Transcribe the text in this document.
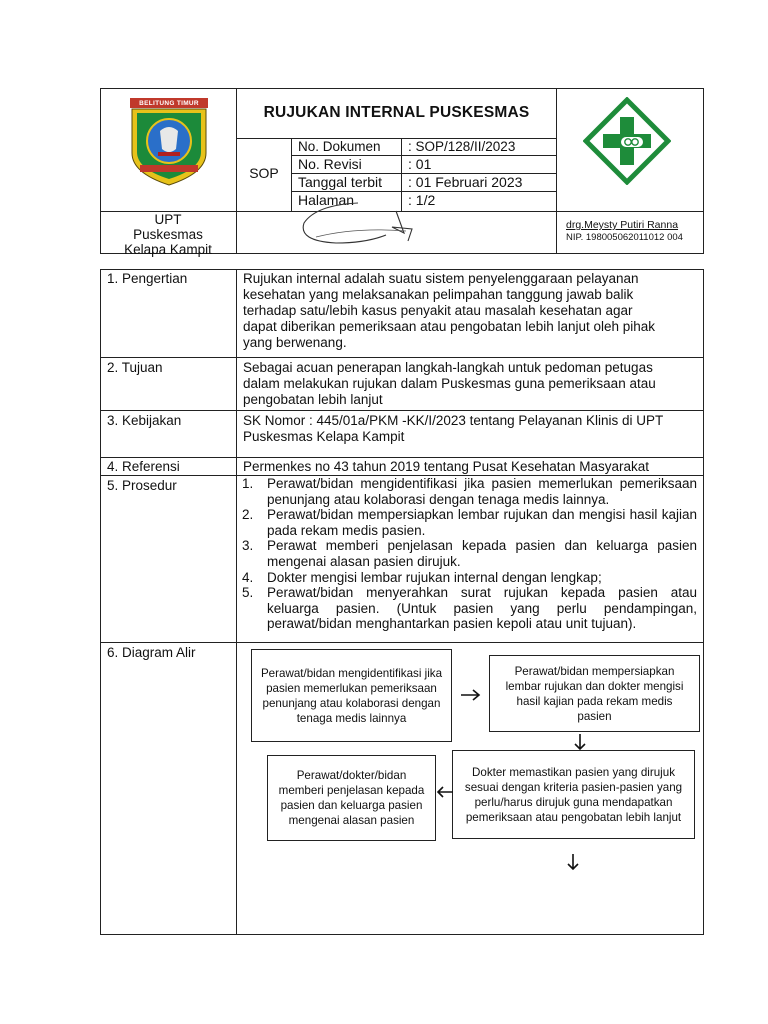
BELITUNG TIMUR
UPT
Puskesmas
Kelapa Kampit
RUJUKAN INTERNAL PUSKESMAS
SOP
No. Dokumen : SOP/128/II/2023
No. Revisi	: 01
Tanggal terbit : 01 Februari 2023
Halaman	: 1/2
drg.Meysty Putiri Ranna
NIP. 198005062011012 004
1. Pengertian	Rujukan internal adalah suatu sistem penyelenggaraan pelayanan
kesehatan yang melaksanakan pelimpahan tanggung jawab balik
terhadap satu/lebih kasus penyakit atau masalah kesehatan agar
dapat diberikan pemeriksaan atau pengobatan lebih lanjut oleh pihak
yang berwenang.
2. Tujuan	Sebagai acuan penerapan langkah-langkah untuk pedoman petugas
dalam melakukan rujukan dalam Puskesmas guna pemeriksaan atau
pengobatan lebih lanjut
3. Kebijakan	SK Nomor : 445/01a/PKM -KK/I/2023 tentang Pelayanan Klinis di UPT
Puskesmas Kelapa Kampit
4. Referensi	Permenkes no 43 tahun 2019 tentang Pusat Kesehatan Masyarakat
5. Prosedur	1. Perawat/bidan mengidentifikasi jika pasien memerlukan pemeriksaan penunjang atau kolaborasi dengan tenaga medis lainnya.
2. Perawat/bidan mempersiapkan lembar rujukan dan mengisi hasil kajian pada rekam medis pasien.
3. Perawat memberi penjelasan kepada pasien dan keluarga pasien mengenai alasan pasien dirujuk.
4. Dokter mengisi lembar rujukan internal dengan lengkap;
5. Perawat/bidan menyerahkan surat rujukan kepada pasien atau keluarga pasien. (Untuk pasien yang perlu pendampingan, perawat/bidan menghantarkan pasien kepoli atau unit tujuan).
6. Diagram Alir
Perawat/bidan mengidentifikasi jika pasien memerlukan pemeriksaan penunjang atau kolaborasi dengan tenaga medis lainnya
Perawat/bidan mempersiapkan lembar rujukan dan dokter mengisi hasil kajian pada rekam medis pasien
Dokter memastikan pasien yang dirujuk sesuai dengan kriteria pasien-pasien yang perlu/harus dirujuk guna mendapatkan pemeriksaan atau pengobatan lebih lanjut
Perawat/dokter/bidan memberi penjelasan kepada pasien dan keluarga pasien mengenai alasan pasien
